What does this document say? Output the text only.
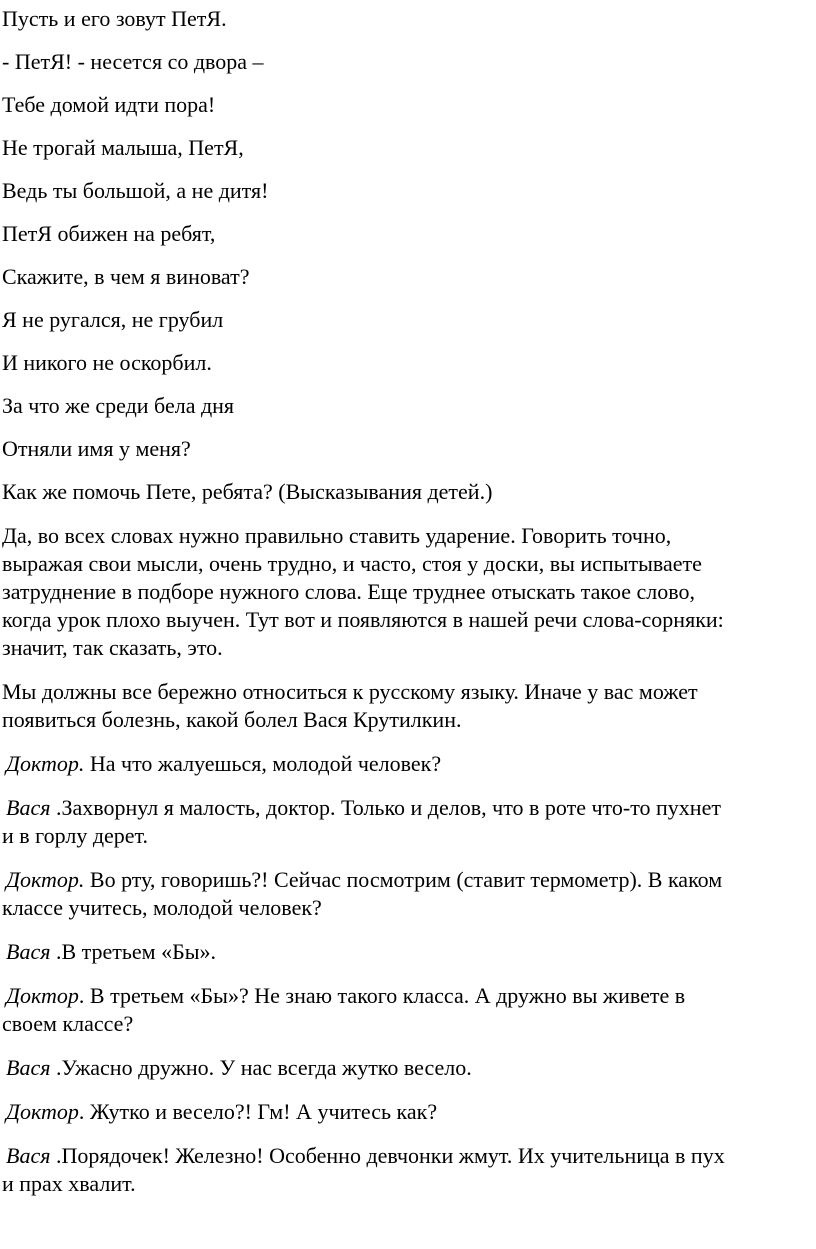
Пусть и его зовут ПетЯ.

- ПетЯ! - несется со двора –

Тебе домой идти пора!

Не трогай малыша, ПетЯ,

Ведь ты большой, а не дитя!

ПетЯ обижен на ребят,

Скажите, в чем я виноват?

Я не ругался, не грубил

И никого не оскорбил.

За что же среди бела дня

Отняли имя у меня?

Как же помочь Пете, ребята? (Высказывания детей.)

Да, во всех словах нужно правильно ставить ударение. Говорить точно,

выражая свои мысли, очень трудно, и часто, стоя у доски, вы испытываете

затруднение в подборе нужного слова. Еще труднее отыскать такое слово,

когда урок плохо выучен. Тут вот и появляются в нашей речи слова-сорняки:

значит, так сказать, это.

Мы должны все бережно относиться к русскому языку. Иначе у вас может

появиться болезнь, какой болел Вася Крутилкин.

Доктор. На что жалуешься, молодой человек?

Вася .Захворнул я малость, доктор. Только и делов, что в роте что-то пухнет

и в горлу дерет.

Доктор. Во рту, говоришь?! Сейчас посмотрим (ставит термометр). В каком

классе учитесь, молодой человек?

Вася .В третьем «Бы».

Доктор. В третьем «Бы»? Не знаю такого класса. А дружно вы живете в

своем классе?

Вася .Ужасно дружно. У нас всегда жутко весело.

Доктор. Жутко и весело?! Гм! А учитесь как?

Вася .Порядочек! Железно! Особенно девчонки жмут. Их учительница в пух

и прах хвалит.
